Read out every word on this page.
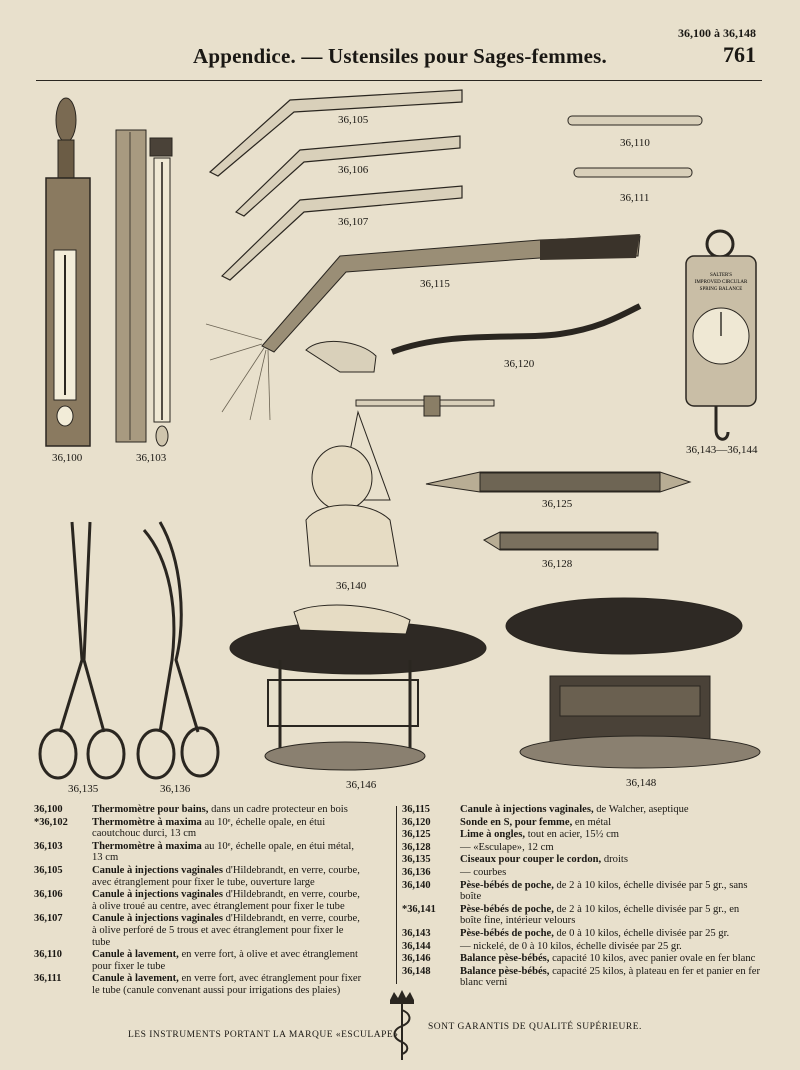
36,100 à 36,148
Appendice. — Ustensiles pour Sages-femmes.	761
SALTER'S
IMPROVED CIRCULAR
SPRING BALANCE
36,100	36,103
36,105
36,106
36,107
36,110
36,111
36,115
36,120
36,143—36,144
36,125
36,128
36,140
36,135	36,136	36,146	36,148
36,100	Thermomètre pour bains, dans un cadre protecteur en bois
*36,102	Thermomètre à maxima au 10ᵉ, échelle opale, en étui caoutchouc durci, 13 cm
36,103	Thermomètre à maxima au 10ᵉ, échelle opale, en étui métal, 13 cm
36,105	Canule à injections vaginales d'Hildebrandt, en verre, courbe, avec étranglement pour fixer le tube, ouverture large
36,106	Canule à injections vaginales d'Hildebrandt, en verre, courbe, à olive troué au centre, avec étranglement pour fixer le tube
36,107	Canule à injections vaginales d'Hildebrandt, en verre, courbe, à olive perforé de 5 trous et avec étranglement pour fixer le tube
36,110	Canule à lavement, en verre fort, à olive et avec étranglement pour fixer le tube
36,111	Canule à lavement, en verre fort, avec étranglement pour fixer le tube (canule convenant aussi pour irrigations des plaies)
36,115	Canule à injections vaginales, de Walcher, aseptique
36,120	Sonde en S, pour femme, en métal
36,125	Lime à ongles, tout en acier, 15½ cm
36,128	— «Esculape», 12 cm
36,135	Ciseaux pour couper le cordon, droits
36,136	— courbes
36,140	Pèse-bébés de poche, de 2 à 10 kilos, échelle divisée par 5 gr., sans boîte
*36,141	Pèse-bébés de poche, de 2 à 10 kilos, échelle divisée par 5 gr., en boîte fine, intérieur velours
36,143	Pèse-bébés de poche, de 0 à 10 kilos, échelle divisée par 25 gr.
36,144	— nickelé, de 0 à 10 kilos, échelle divisée par 25 gr.
36,146	Balance pèse-bébés, capacité 10 kilos, avec panier ovale en fer blanc
36,148	Balance pèse-bébés, capacité 25 kilos, à plateau en fer et panier en fer blanc verni
LES INSTRUMENTS PORTANT LA MARQUE «ESCULAPE»
SONT GARANTIS DE QUALITÉ SUPÉRIEURE.
